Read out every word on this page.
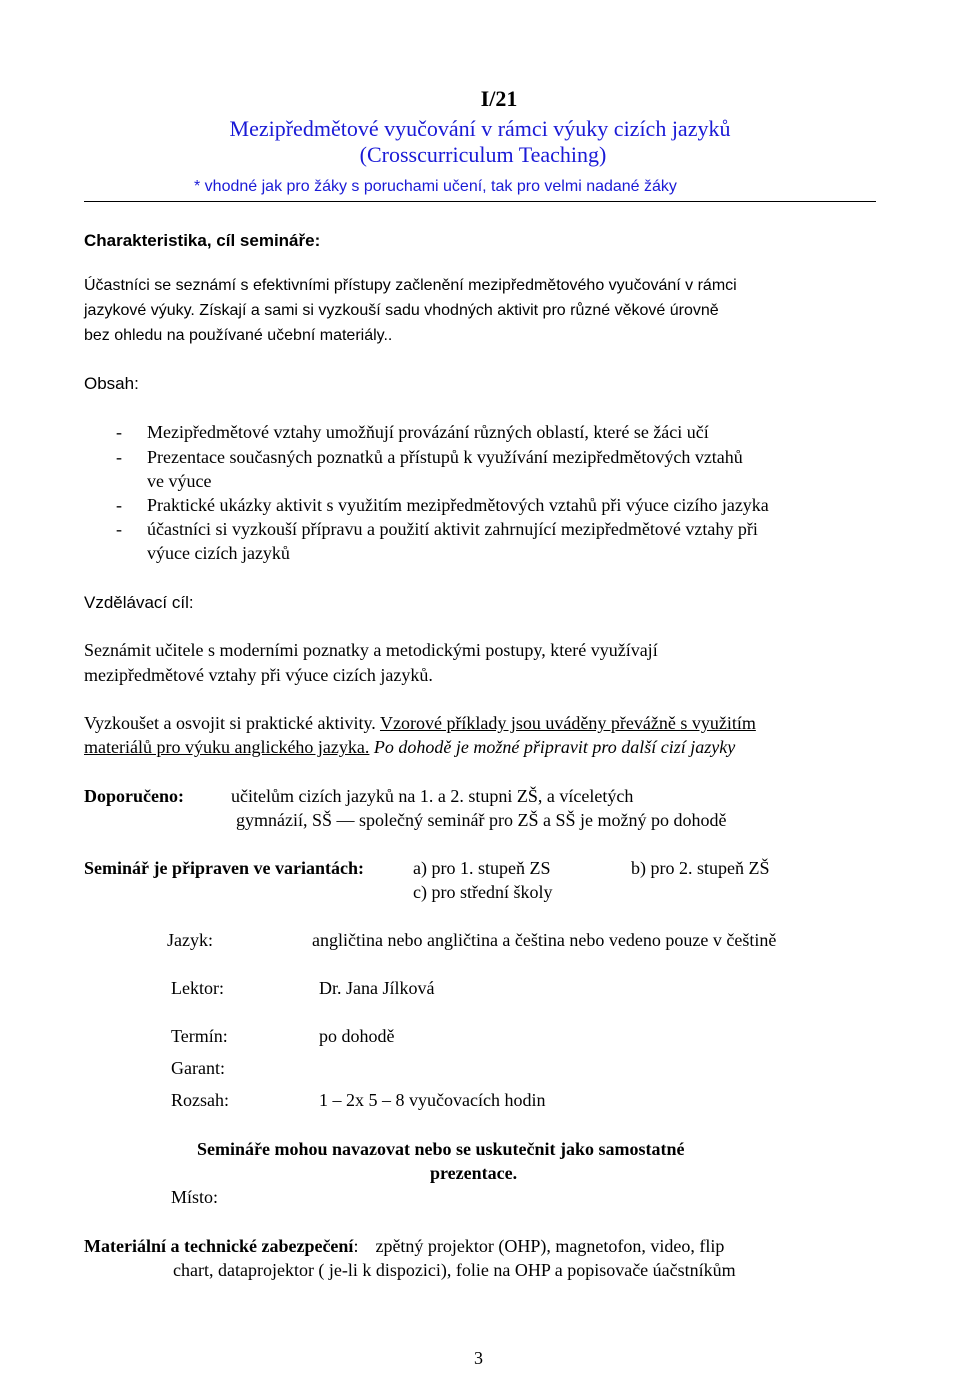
I/21
Mezipředmětové vyučování v rámci výuky cizích jazyků
(Crosscurriculum Teaching)
* vhodné jak pro žáky s poruchami učení, tak pro velmi nadané žáky
Charakteristika, cíl semináře:
Účastníci se seznámí s efektivními přístupy začlenění mezipředmětového vyučování v rámci
jazykové výuky. Získají a sami si vyzkouší sadu vhodných aktivit pro různé věkové úrovně
bez ohledu na používané učební materiály..
Obsah:
- Mezipředmětové vztahy umožňují provázání různých oblastí, které se žáci učí
- Prezentace současných poznatků a přístupů k využívání mezipředmětových vztahů
ve výuce
- Praktické ukázky aktivit s využitím mezipředmětových vztahů při výuce cizího jazyka
- účastníci si vyzkouší přípravu a použití aktivit zahrnující mezipředmětové vztahy při
výuce cizích jazyků
Vzdělávací cíl:
Seznámit učitele s moderními poznatky a metodickými postupy, které využívají
mezipředmětové vztahy při výuce cizích jazyků.
Vyzkoušet a osvojit si praktické aktivity. Vzorové příklady jsou uváděny převážně s využitím
materiálů pro výuku anglického jazyka. Po dohodě je možné připravit pro další cizí jazyky
Doporučeno:	učitelům cizích jazyků na 1. a 2. stupni ZŠ, a víceletých
gymnázií, SŠ — společný seminář pro ZŠ a SŠ je možný po dohodě
Seminář je připraven ve variantách:	a) pro 1. stupeň ZS	b) pro 2. stupeň ZŠ
c) pro střední školy
Jazyk:	angličtina nebo angličtina a čeština nebo vedeno pouze v češtině
Lektor:	Dr. Jana Jílková
Termín:	po dohodě
Garant:
Rozsah:	1 – 2x 5 – 8 vyučovacích hodin
Semináře mohou navazovat nebo se uskutečnit jako samostatné
prezentace.
Místo:
Materiální a technické zabezpečení: zpětný projektor (OHP), magnetofon, video, flip
chart, dataprojektor ( je-li k dispozici), folie na OHP a popisovače úačstníkům
3
